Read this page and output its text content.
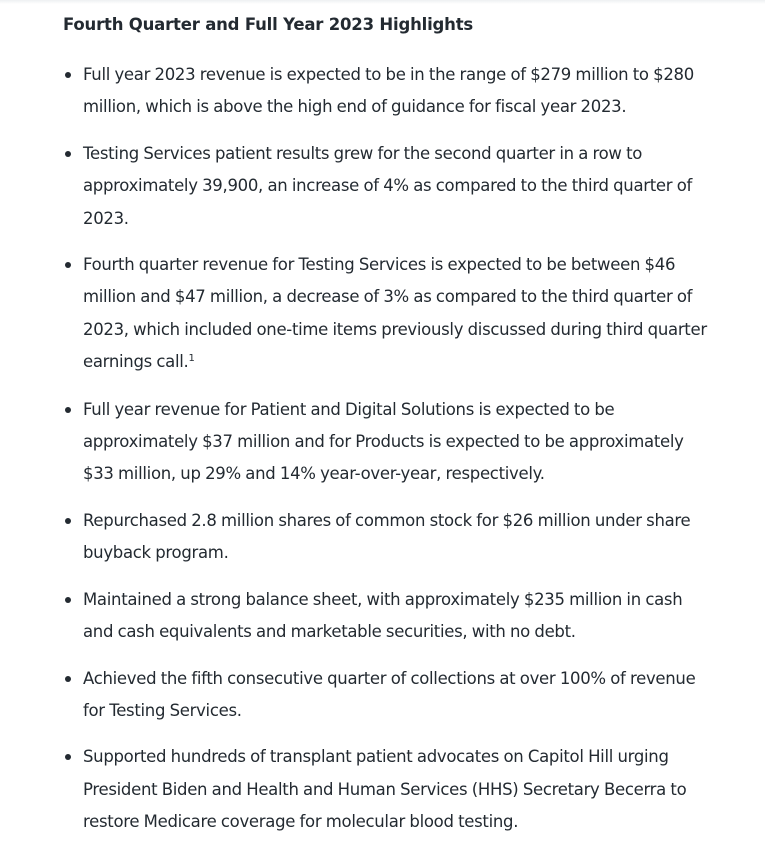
Fourth Quarter and Full Year 2023 Highlights
Full year 2023 revenue is expected to be in the range of $279 million to $280 million, which is above the high end of guidance for fiscal year 2023.
Testing Services patient results grew for the second quarter in a row to approximately 39,900, an increase of 4% as compared to the third quarter of 2023.
Fourth quarter revenue for Testing Services is expected to be between $46 million and $47 million, a decrease of 3% as compared to the third quarter of 2023, which included one-time items previously discussed during third quarter earnings call.$^1$
Full year revenue for Patient and Digital Solutions is expected to be approximately $37 million and for Products is expected to be approximately $33 million, up 29% and 14% year-over-year, respectively.
Repurchased 2.8 million shares of common stock for $26 million under share buyback program.
Maintained a strong balance sheet, with approximately $235 million in cash and cash equivalents and marketable securities, with no debt.
Achieved the fifth consecutive quarter of collections at over 100% of revenue for Testing Services.
Supported hundreds of transplant patient advocates on Capitol Hill urging President Biden and Health and Human Services (HHS) Secretary Becerra to restore Medicare coverage for molecular blood testing.
